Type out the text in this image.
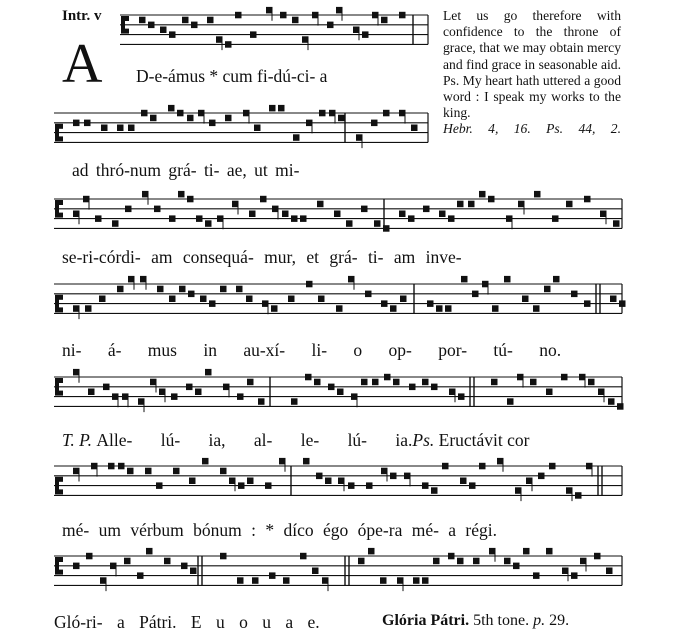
Intr. v
A
Let us go therefore with confidence to the throne of grace, that we may obtain mercy and find grace in seasonable aid. Ps. My heart hath uttered a good word : I speak my works to the king.
Hebr. 4, 16. Ps. 44, 2.
D-e-ámus * cum fi-dú-ci- a
ad thró-num grá- ti- ae, ut mi-
se-ri-córdi- am consequá- mur, et grá- ti- am inve-
ni- á- mus in au-xí- li- o op- por- tú- no.
T. P. Alle- lú- ia, al- le- lú- ia.Ps. Eructávit cor
mé- um vérbum bónum : * díco égo ópe-ra mé- a régi.
Gló-ri- a Pátri. E u o u a e.	Glória Pátri. 5th tone. p. 29.
